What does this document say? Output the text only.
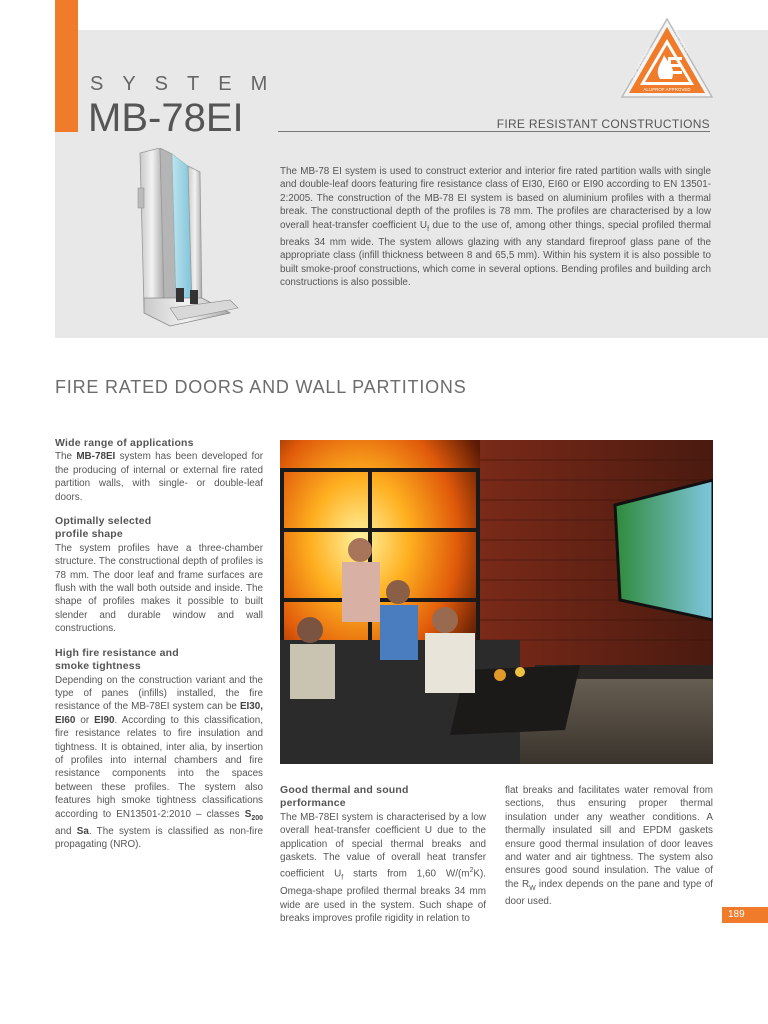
SYSTEM
MB-78EI	FIRE RESISTANT CONSTRUCTIONS
FIRE RESISTANCE
FIRE SAFETY
ALUPROF APPROVED
The MB-78 EI system is used to construct exterior and interior fire rated partition walls with single and double-leaf doors featuring fire resistance class of EI30, EI60 or EI90 according to EN 13501-2:2005. The construction of the MB-78 EI system is based on aluminium profiles with a thermal break. The constructional depth of the profiles is 78 mm. The profiles are characterised by a low overall heat-transfer coefficient $U_f$ due to the use of, among other things, special profiled thermal breaks 34 mm wide. The system allows glazing with any standard fireproof glass pane of the appropriate class (infill thickness between 8 and 65,5 mm). Within his system it is also possible to built smoke-proof constructions, which come in several options. Bending profiles and building arch constructions is also possible.
FIRE RATED DOORS AND WALL PARTITIONS
Wide range of applications

The MB-78EI system has been developed for the producing of internal or external fire rated partition walls, with single- or double-leaf doors.

Optimally selected
profile shape

The system profiles have a three-chamber structure. The constructional depth of profiles is 78 mm. The door leaf and frame surfaces are flush with the wall both outside and inside. The shape of profiles makes it possible to built slender and durable window and wall constructions.

High fire resistance and
smoke tightness

Depending on the construction variant and the type of panes (infills) installed, the fire resistance of the MB-78EI system can be EI30, EI60 or EI90. According to this classification, fire resistance relates to fire insulation and tightness. It is obtained, inter alia, by insertion of profiles into internal chambers and fire resistance components into the spaces between these profiles. The system also features high smoke tightness classifications according to EN13501-2:2010 – classes $S_{200}$ and Sa. The system is classified as non-fire propagating (NRO).

Good thermal and sound
performance

The MB-78EI system is characterised by a low overall heat-transfer coefficient U due to the application of special thermal breaks and gaskets. The value of overall heat transfer coefficient $U_f$ starts from 1,60 $W/(m^2K)$. Omega-shape profiled thermal breaks 34 mm wide are used in the system. Such shape of breaks improves profile rigidity in relation to

flat breaks and facilitates water removal from sections, thus ensuring proper thermal insulation under any weather conditions. A thermally insulated sill and EPDM gaskets ensure good thermal insulation of door leaves and water and air tightness. The system also ensures good sound insulation. The value of the $R_W$ index depends on the pane and type of door used.

189
